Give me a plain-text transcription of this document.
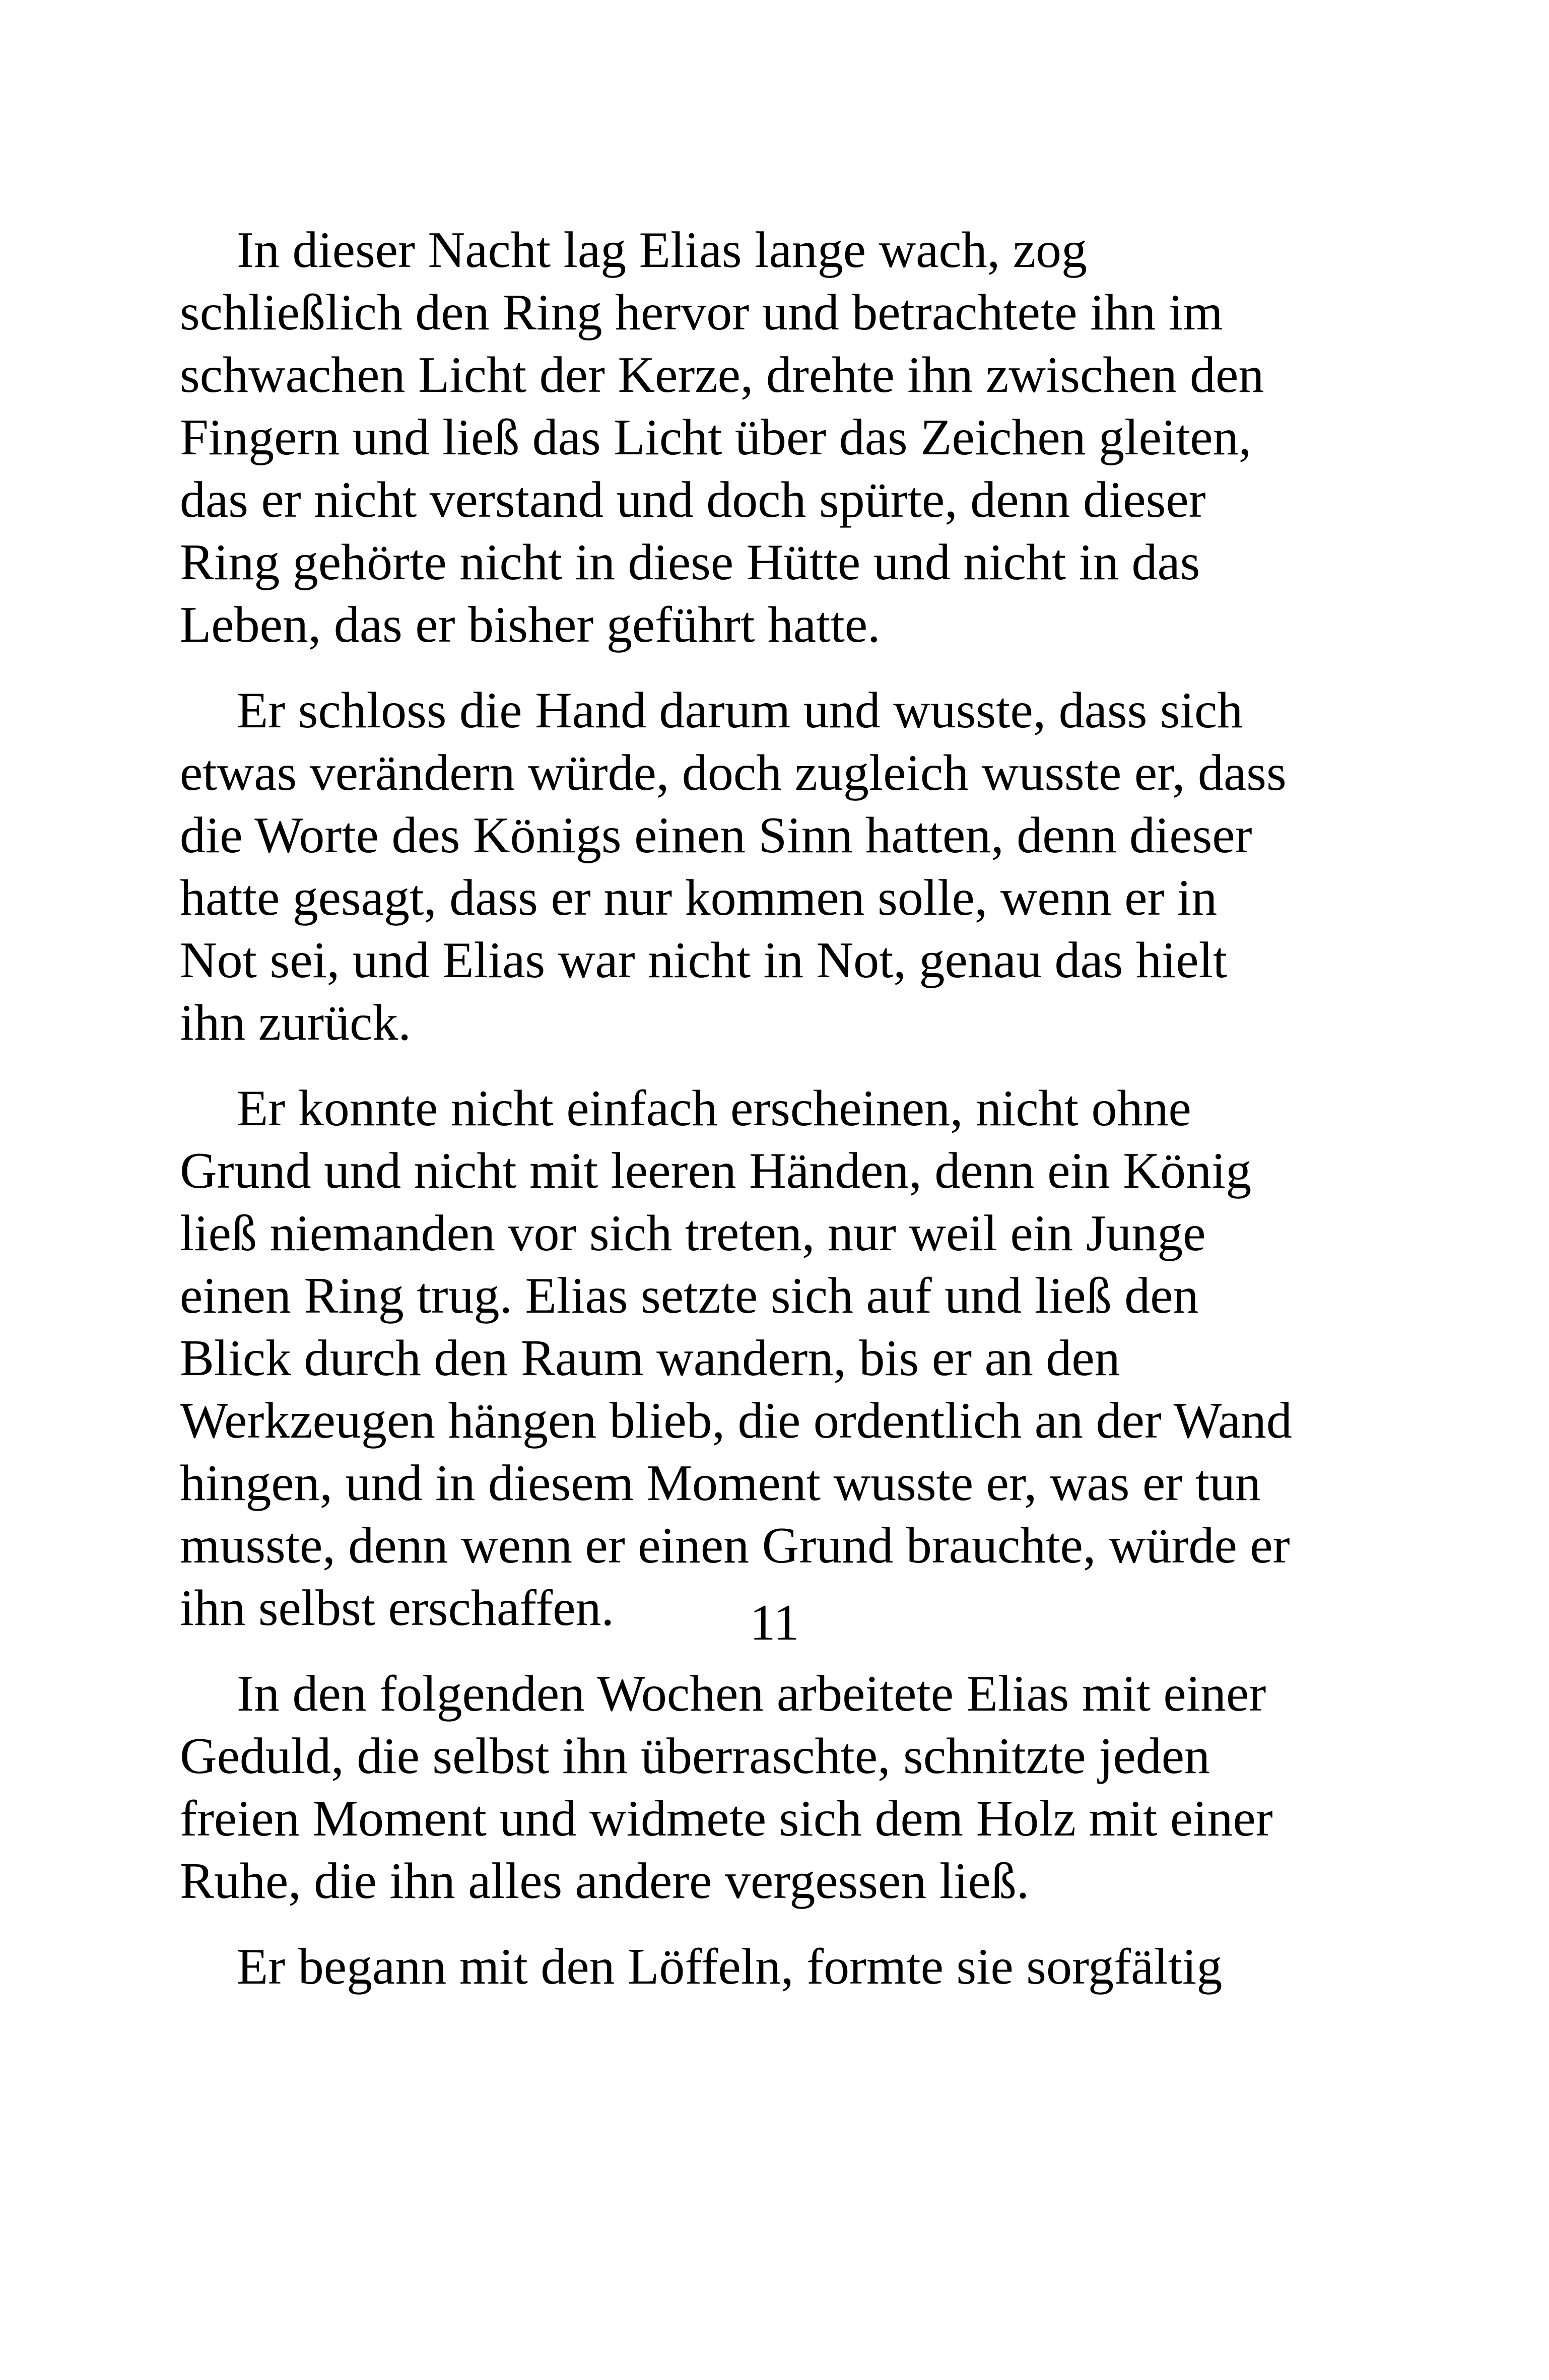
In dieser Nacht lag Elias lange wach, zog
schließlich den Ring hervor und betrachtete ihn im
schwachen Licht der Kerze, drehte ihn zwischen den
Fingern und ließ das Licht über das Zeichen gleiten,
das er nicht verstand und doch spürte, denn dieser
Ring gehörte nicht in diese Hütte und nicht in das
Leben, das er bisher geführt hatte.
Er schloss die Hand darum und wusste, dass sich
etwas verändern würde, doch zugleich wusste er, dass
die Worte des Königs einen Sinn hatten, denn dieser
hatte gesagt, dass er nur kommen solle, wenn er in
Not sei, und Elias war nicht in Not, genau das hielt
ihn zurück.
Er konnte nicht einfach erscheinen, nicht ohne
Grund und nicht mit leeren Händen, denn ein König
ließ niemanden vor sich treten, nur weil ein Junge
einen Ring trug. Elias setzte sich auf und ließ den
Blick durch den Raum wandern, bis er an den
Werkzeugen hängen blieb, die ordentlich an der Wand
hingen, und in diesem Moment wusste er, was er tun
musste, denn wenn er einen Grund brauchte, würde er
ihn selbst erschaffen.
In den folgenden Wochen arbeitete Elias mit einer
Geduld, die selbst ihn überraschte, schnitzte jeden
freien Moment und widmete sich dem Holz mit einer
Ruhe, die ihn alles andere vergessen ließ.
Er begann mit den Löffeln, formte sie sorgfältig
11
